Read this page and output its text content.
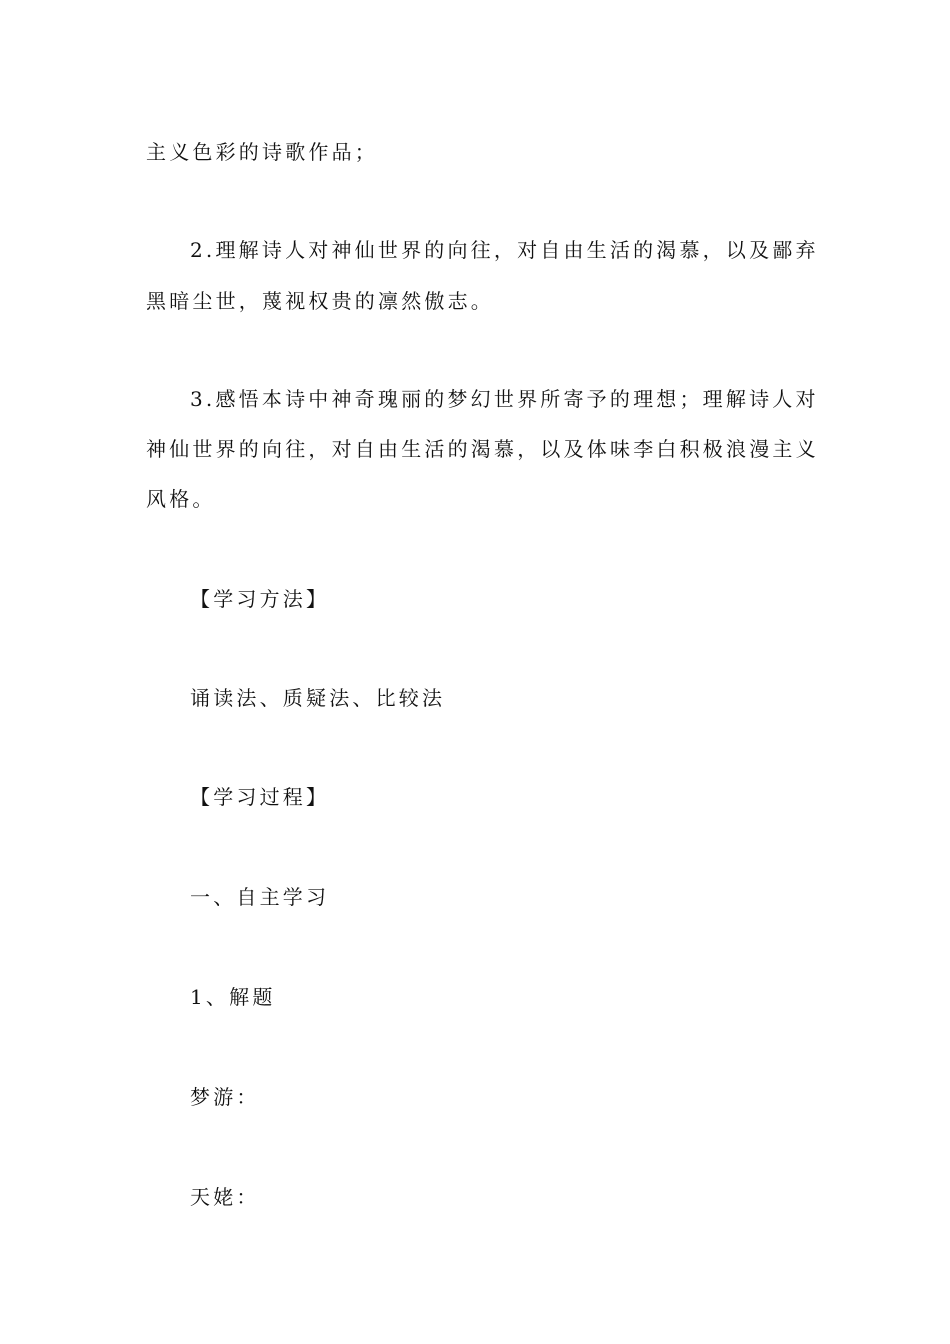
主义色彩的诗歌作品；
2.理解诗人对神仙世界的向往，对自由生活的渴慕，以及鄙弃
黑暗尘世，蔑视权贵的凛然傲志。
3.感悟本诗中神奇瑰丽的梦幻世界所寄予的理想；理解诗人对
神仙世界的向往，对自由生活的渴慕，以及体味李白积极浪漫主义
风格。
【学习方法】
诵读法、质疑法、比较法
【学习过程】
一、自主学习
1、解题
梦游：
天姥：
